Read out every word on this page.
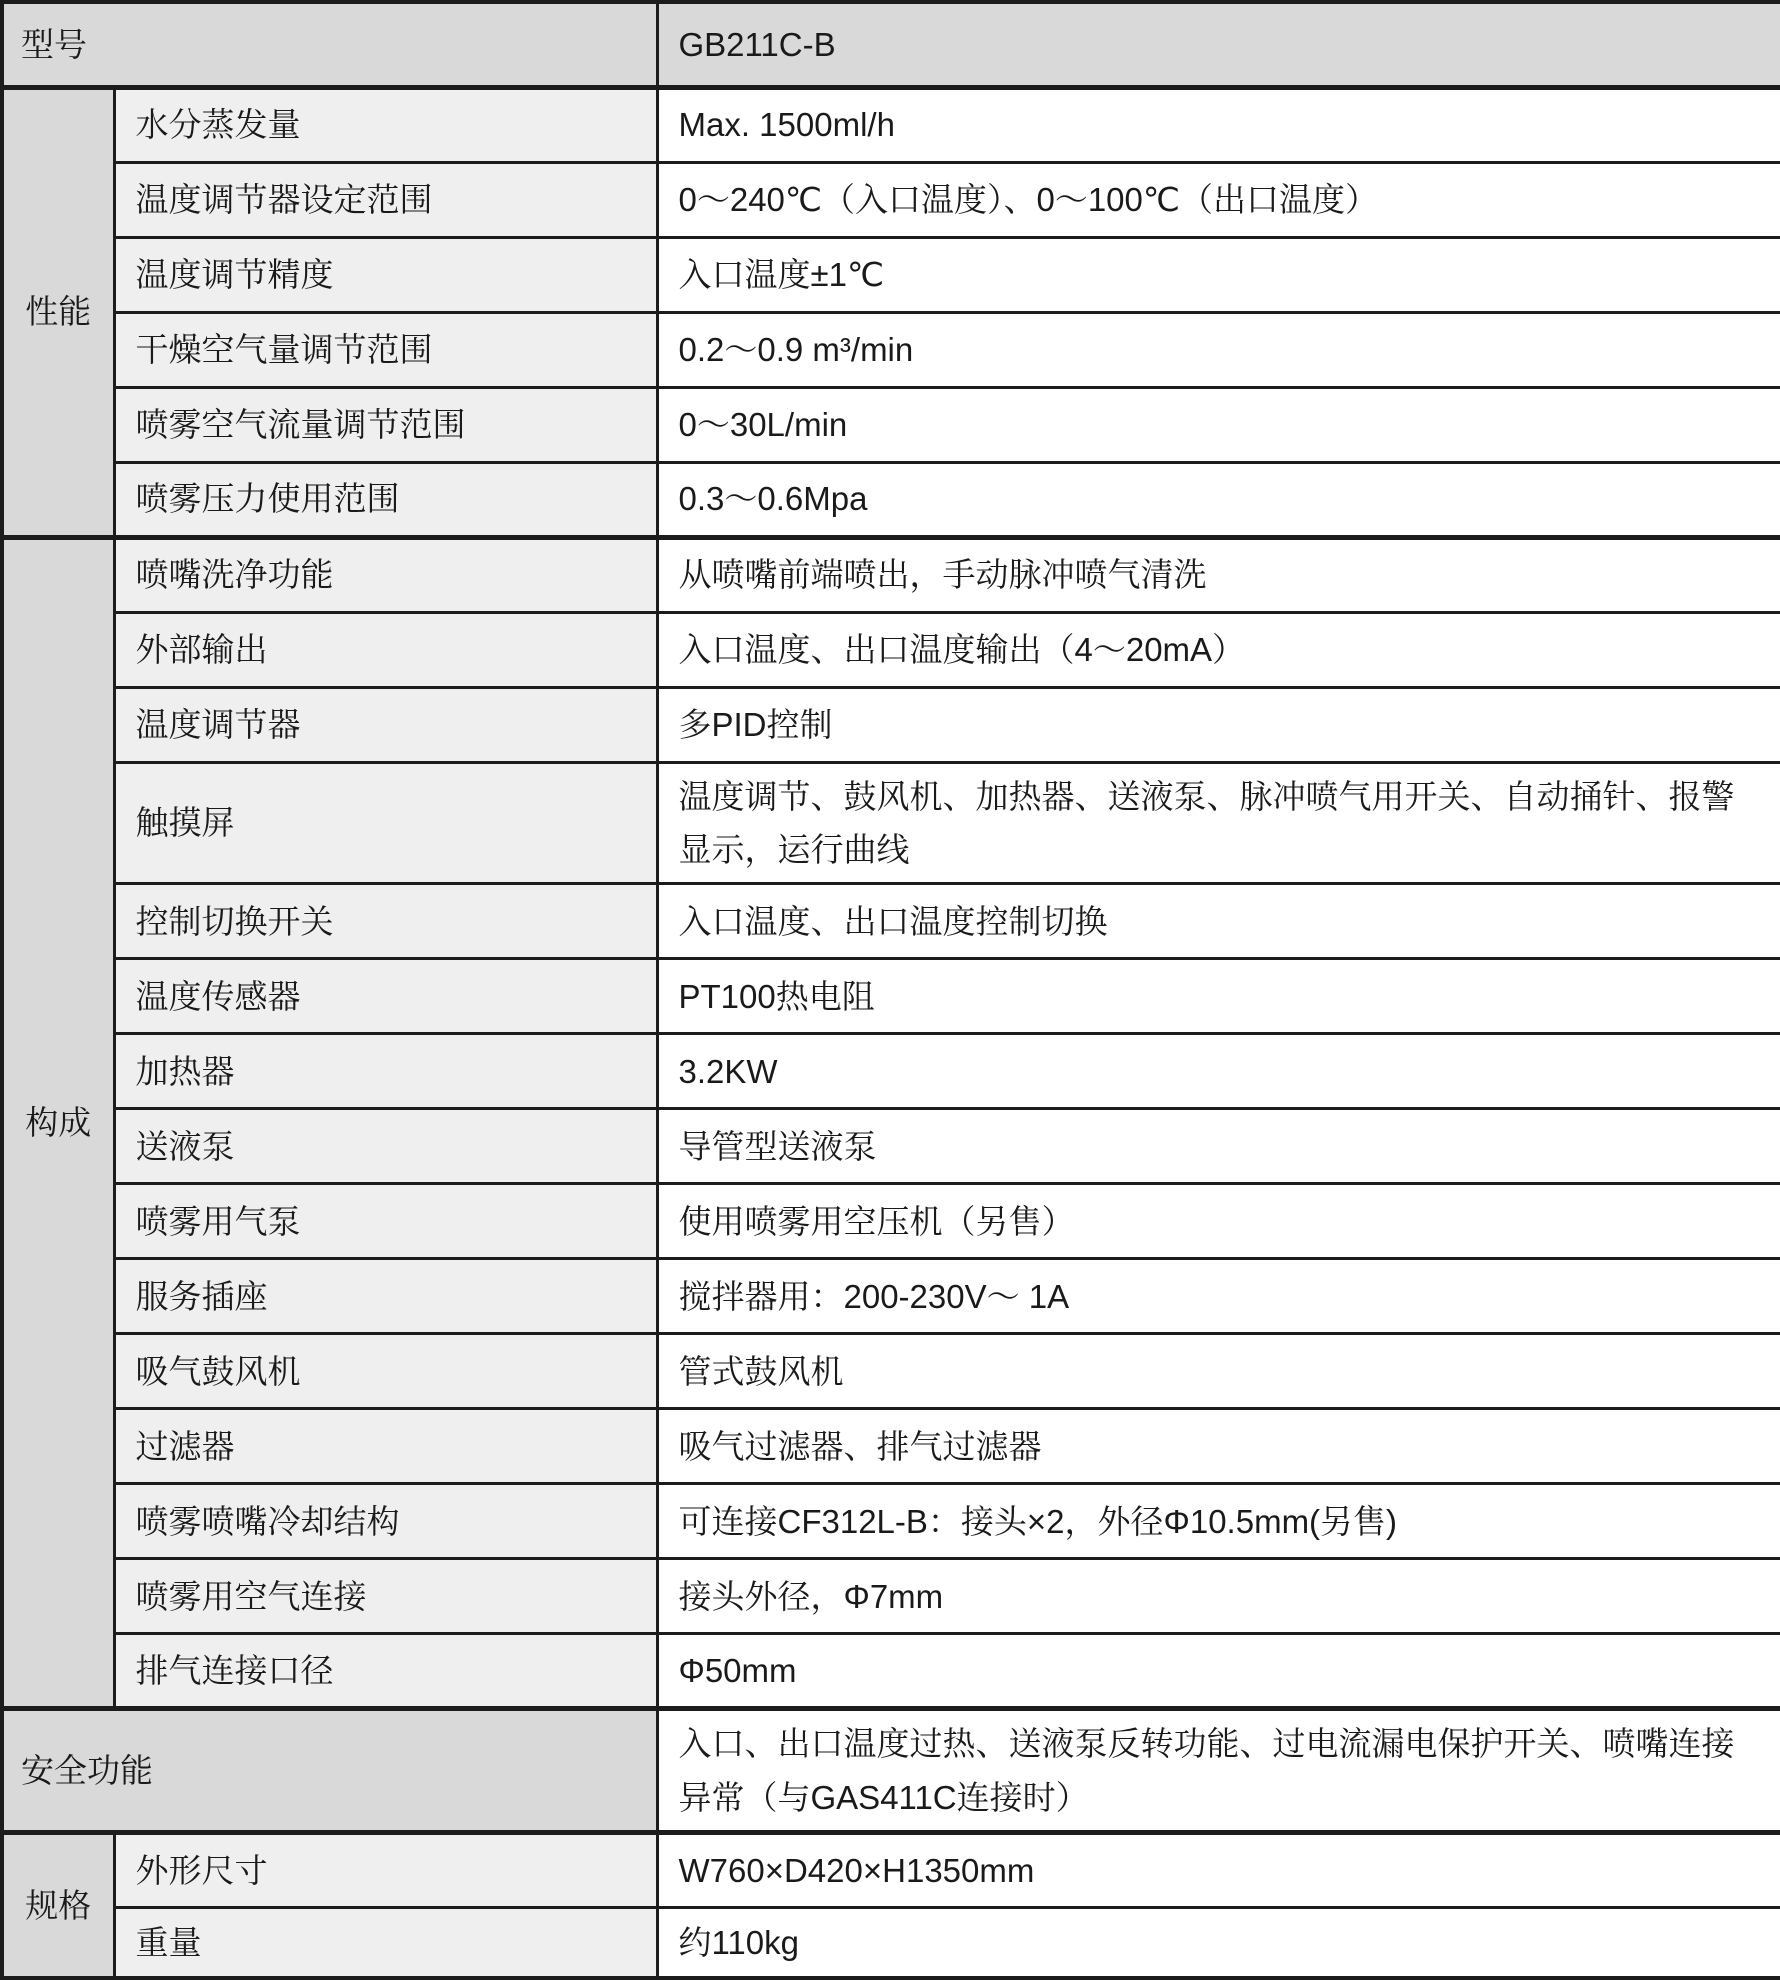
型号		GB211C-B
性能	水分蒸发量	Max. 1500ml/h
	温度调节器设定范围	0～240℃（入口温度）、0～100℃（出口温度）
	温度调节精度	入口温度±1℃
	干燥空气量调节范围	0.2～0.9 m³/min
	喷雾空气流量调节范围	0～30L/min
	喷雾压力使用范围	0.3～0.6Mpa
构成	喷嘴洗净功能	从喷嘴前端喷出，手动脉冲喷气清洗
	外部输出	入口温度、出口温度输出（4～20mA）
	温度调节器	多PID控制
	触摸屏	温度调节、鼓风机、加热器、送液泵、脉冲喷气用开关、自动捅针、报警显示，运行曲线
	控制切换开关	入口温度、出口温度控制切换
	温度传感器	PT100热电阻
	加热器	3.2KW
	送液泵	导管型送液泵
	喷雾用气泵	使用喷雾用空压机（另售）
	服务插座	搅拌器用：200-230V～ 1A
	吸气鼓风机	管式鼓风机
	过滤器	吸气过滤器、排气过滤器
	喷雾喷嘴冷却结构	可连接CF312L-B：接头×2，外径Φ10.5mm(另售)
	喷雾用空气连接	接头外径，Φ7mm
	排气连接口径	Φ50mm
安全功能		入口、出口温度过热、送液泵反转功能、过电流漏电保护开关、喷嘴连接异常（与GAS411C连接时）
规格	外形尺寸	W760×D420×H1350mm
	重量	约110kg
